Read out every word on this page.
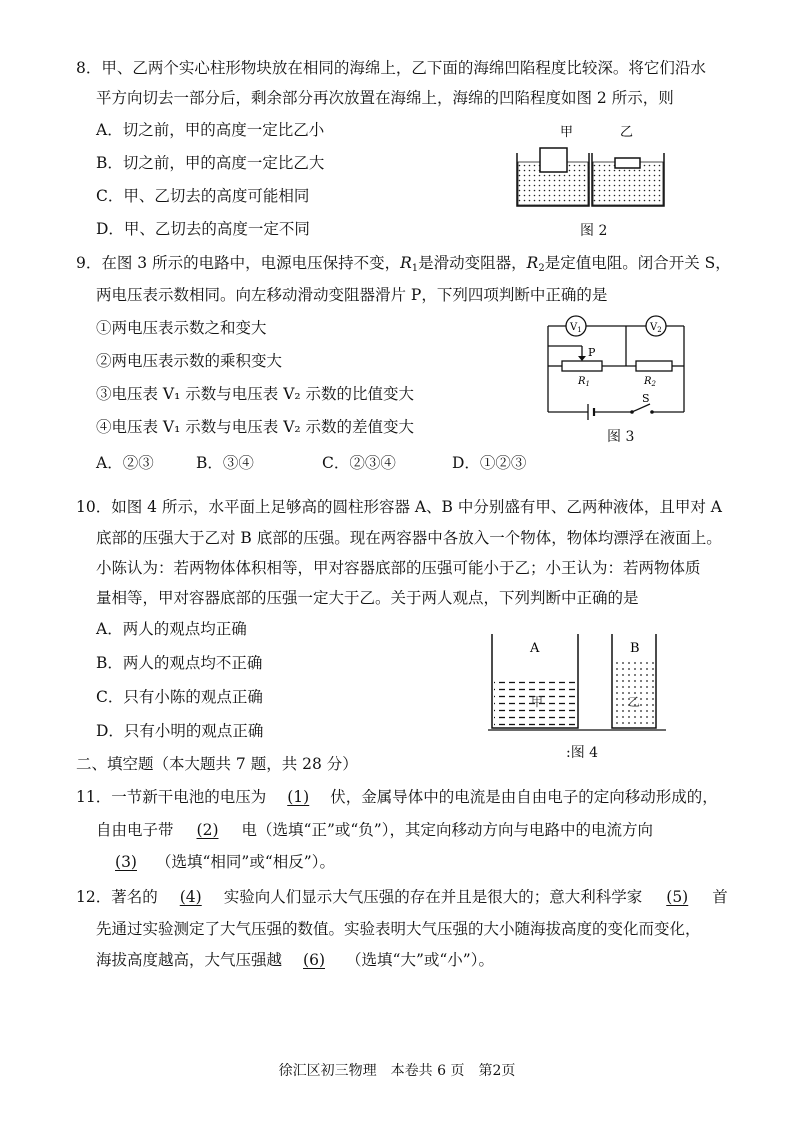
8．甲、乙两个实心柱形物块放在相同的海绵上，乙下面的海绵凹陷程度比较深。将它们沿水
平方向切去一部分后，剩余部分再次放置在海绵上，海绵的凹陷程度如图 2 所示，则
A．切之前，甲的高度一定比乙小
B．切之前，甲的高度一定比乙大
C．甲、乙切去的高度可能相同
D．甲、乙切去的高度一定不同
甲	乙
图 2
9．在图 3 所示的电路中，电源电压保持不变，$R_1$是滑动变阻器，$R_2$是定值电阻。闭合开关 S，
两电压表示数相同。向左移动滑动变阻器滑片 P，下列四项判断中正确的是
①两电压表示数之和变大
②两电压表示数的乘积变大
③电压表 V₁ 示数与电压表 V₂ 示数的比值变大
④电压表 V₁ 示数与电压表 V₂ 示数的差值变大
A．②③	B．③④	C．②③④	D．①②③
$V_1$	$V_2$
P
$R_1$	$R_2$
S
图 3
10．如图 4 所示，水平面上足够高的圆柱形容器 A、B 中分别盛有甲、乙两种液体，且甲对 A
底部的压强大于乙对 B 底部的压强。现在两容器中各放入一个物体，物体均漂浮在液面上。
小陈认为：若两物体体积相等，甲对容器底部的压强可能小于乙；小王认为：若两物体质
量相等，甲对容器底部的压强一定大于乙。关于两人观点，下列判断中正确的是
A．两人的观点均正确
B．两人的观点均不正确
C．只有小陈的观点正确
D．只有小明的观点正确
A
甲
B
乙
:图 4
二、填空题（本大题共 7 题，共 28 分）
11．一节新干电池的电压为 (1) 伏，金属导体中的电流是由自由电子的定向移动形成的，
自由电子带 (2) 电（选填“正”或“负”），其定向移动方向与电路中的电流方向
(3) （选填“相同”或“相反”）。
12．著名的 (4) 实验向人们显示大气压强的存在并且是很大的；意大利科学家 (5) 首
先通过实验测定了大气压强的数值。实验表明大气压强的大小随海拔高度的变化而变化，
海拔高度越高，大气压强越 (6) （选填“大”或“小”）。
徐汇区初三物理　本卷共 6 页　第2页
